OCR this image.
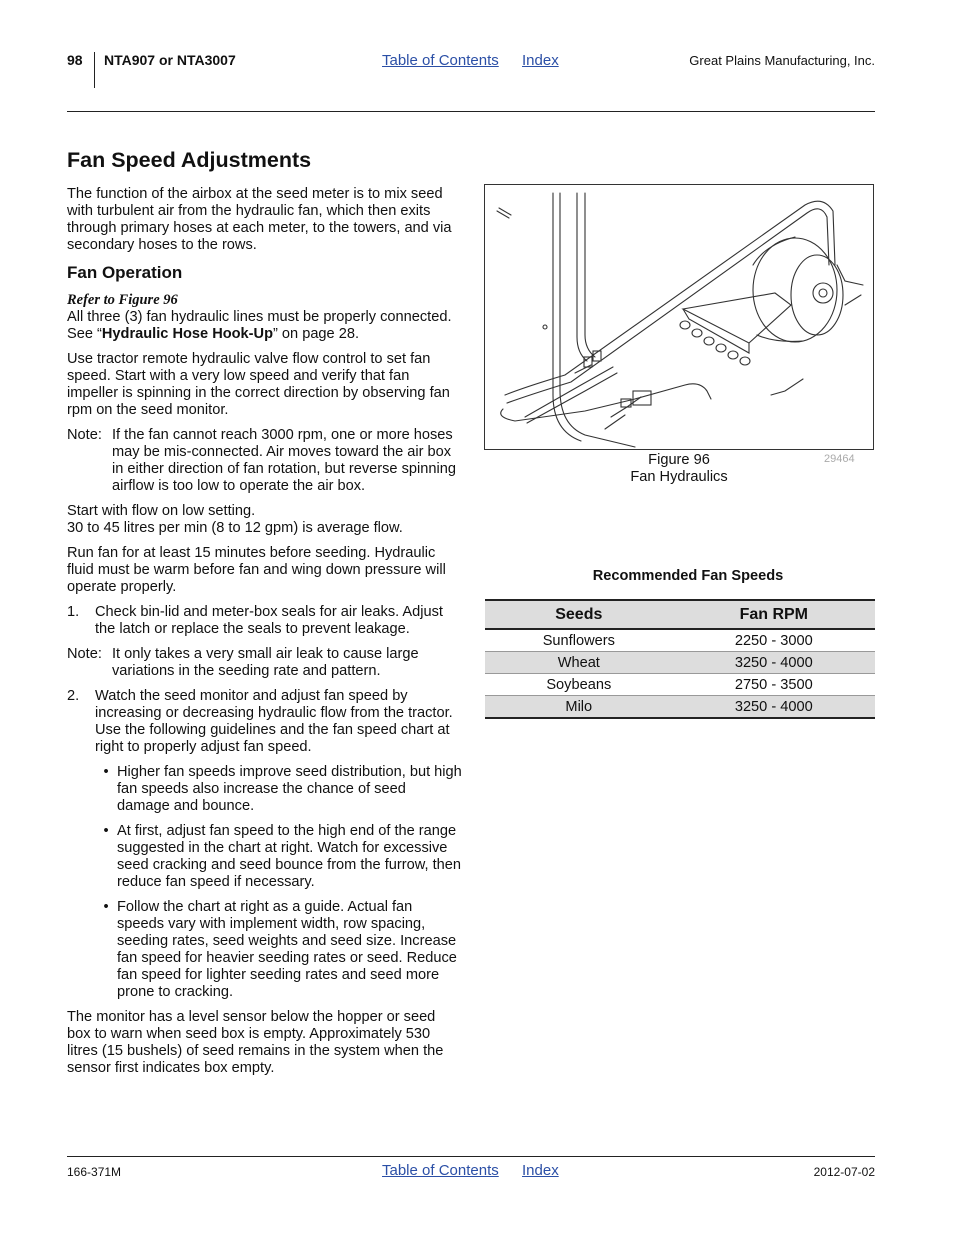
98 NTA907 or NTA3007	Table of Contents Index	Great Plains Manufacturing, Inc.
Fan Speed Adjustments

The function of the airbox at the seed meter is to mix seed with turbulent air from the hydraulic fan, which then exits through primary hoses at each meter, to the towers, and via secondary hoses to the rows.

Fan Operation

Refer to Figure 96

All three (3) fan hydraulic lines must be properly connected. See “Hydraulic Hose Hook-Up” on page 28.

Use tractor remote hydraulic valve flow control to set fan speed. Start with a very low speed and verify that fan impeller is spinning in the correct direction by observing fan rpm on the seed monitor.

Note: If the fan cannot reach 3000 rpm, one or more hoses may be mis-connected. Air moves toward the air box in either direction of fan rotation, but reverse spinning airflow is too low to operate the air box.

Start with flow on low setting.
30 to 45 litres per min (8 to 12 gpm) is average flow.

Run fan for at least 15 minutes before seeding. Hydraulic fluid must be warm before fan and wing down pressure will operate properly.

1.	Check bin-lid and meter-box seals for air leaks. Adjust the latch or replace the seals to prevent leakage.
Note: It only takes a very small air leak to cause large variations in the seeding rate and pattern.
2.	Watch the seed monitor and adjust fan speed by increasing or decreasing hydraulic flow from the tractor. Use the following guidelines and the fan speed chart at right to properly adjust fan speed.
• Higher fan speeds improve seed distribution, but high fan speeds also increase the chance of seed damage and bounce.
• At first, adjust fan speed to the high end of the range suggested in the chart at right. Watch for excessive seed cracking and seed bounce from the furrow, then reduce fan speed if necessary.
• Follow the chart at right as a guide. Actual fan speeds vary with implement width, row spacing, seeding rates, seed weights and seed size. Increase fan speed for heavier seeding rates or seed. Reduce fan speed for lighter seeding rates and seed more prone to cracking.

The monitor has a level sensor below the hopper or seed box to warn when seed box is empty. Approximately 530 litres (15 bushels) of seed remains in the system when the sensor first indicates box empty.

Figure 96
Fan Hydraulics
29464
Recommended Fan Speeds
Seeds	Fan RPM
Sunflowers	2250 - 3000
Wheat	3250 - 4000
Soybeans	2750 - 3500
Milo	3250 - 4000
166-371M	Table of Contents Index	2012-07-02
